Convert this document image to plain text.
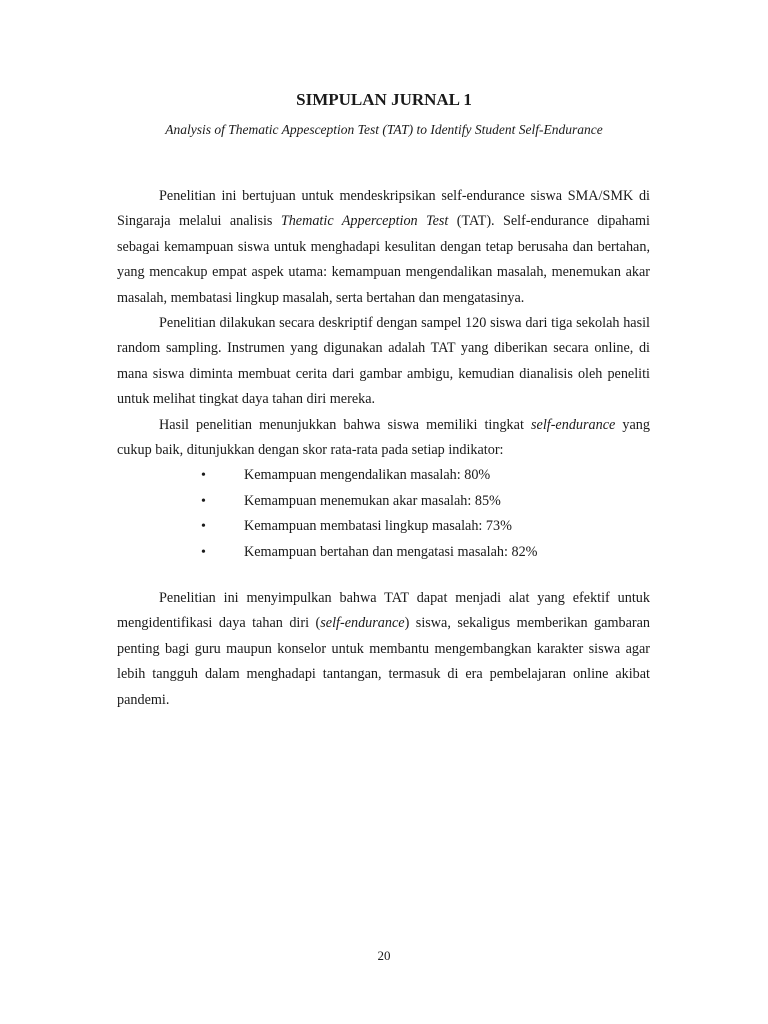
SIMPULAN JURNAL 1
Analysis of Thematic Appesception Test (TAT) to Identify Student Self-Endurance

Penelitian ini bertujuan untuk mendeskripsikan self-endurance siswa SMA/SMK di Singaraja melalui analisis Thematic Apperception Test (TAT). Self-endurance dipahami sebagai kemampuan siswa untuk menghadapi kesulitan dengan tetap berusaha dan bertahan, yang mencakup empat aspek utama: kemampuan mengendalikan masalah, menemukan akar masalah, membatasi lingkup masalah, serta bertahan dan mengatasinya.

Penelitian dilakukan secara deskriptif dengan sampel 120 siswa dari tiga sekolah hasil random sampling. Instrumen yang digunakan adalah TAT yang diberikan secara online, di mana siswa diminta membuat cerita dari gambar ambigu, kemudian dianalisis oleh peneliti untuk melihat tingkat daya tahan diri mereka.

Hasil penelitian menunjukkan bahwa siswa memiliki tingkat self-endurance yang cukup baik, ditunjukkan dengan skor rata-rata pada setiap indikator:

•	Kemampuan mengendalikan masalah: 80%
•	Kemampuan menemukan akar masalah: 85%
•	Kemampuan membatasi lingkup masalah: 73%
•	Kemampuan bertahan dan mengatasi masalah: 82%

Penelitian ini menyimpulkan bahwa TAT dapat menjadi alat yang efektif untuk mengidentifikasi daya tahan diri (self-endurance) siswa, sekaligus memberikan gambaran penting bagi guru maupun konselor untuk membantu mengembangkan karakter siswa agar lebih tangguh dalam menghadapi tantangan, termasuk di era pembelajaran online akibat pandemi.

20
